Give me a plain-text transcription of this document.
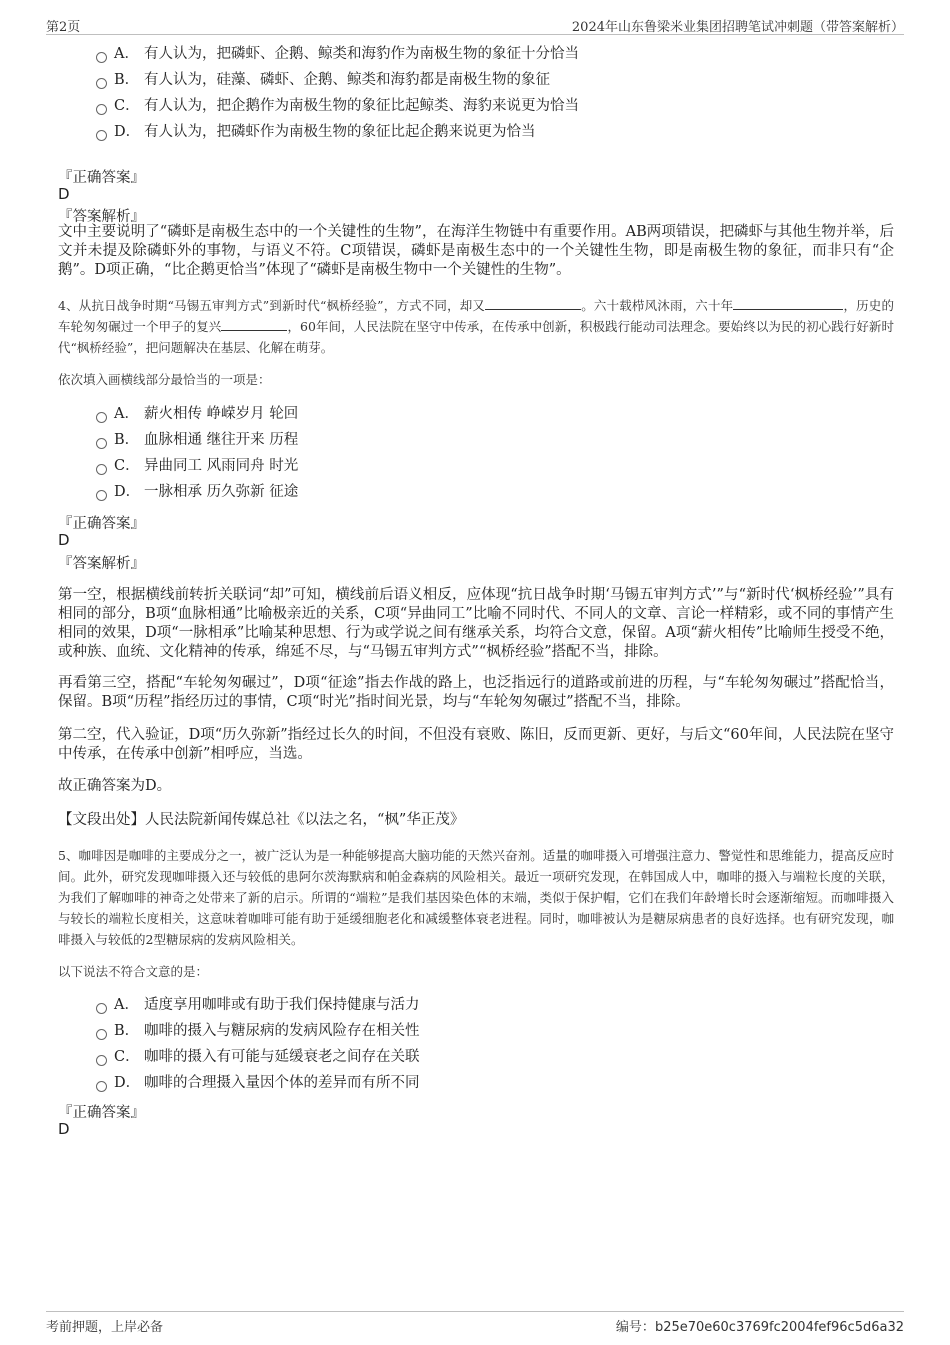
第2页	2024年山东鲁梁米业集团招聘笔试冲刺题（带答案解析）
A． 有人认为，把磷虾、企鹅、鲸类和海豹作为南极生物的象征十分恰当
B． 有人认为，硅藻、磷虾、企鹅、鲸类和海豹都是南极生物的象征
C． 有人认为，把企鹅作为南极生物的象征比起鲸类、海豹来说更为恰当
D． 有人认为，把磷虾作为南极生物的象征比起企鹅来说更为恰当
『正确答案』
D
『答案解析』

文中主要说明了“磷虾是南极生态中的一个关键性的生物”，在海洋生物链中有重要作用。AB两项错误，把磷虾与其他生物并举，后文并未提及除磷虾外的事物，与语义不符。C项错误，磷虾是南极生态中的一个关键性生物，即是南极生物的象征，而非只有“企鹅”。D项正确，“比企鹅更恰当”体现了“磷虾是南极生物中一个关键性的生物”。

4、从抗日战争时期“马锡五审判方式”到新时代“枫桥经验”，方式不同，却又	。六十载栉风沐雨，六十年	，历史的车轮匆匆碾过一个甲子的复兴	，60年间，人民法院在坚守中传承，在传承中创新，积极践行能动司法理念。要始终以为民的初心践行好新时代“枫桥经验”，把问题解决在基层、化解在萌芽。

依次填入画横线部分最恰当的一项是：
A． 薪火相传 峥嵘岁月 轮回
B． 血脉相通 继往开来 历程
C． 异曲同工 风雨同舟 时光
D． 一脉相承 历久弥新 征途
『正确答案』
D
『答案解析』

第一空，根据横线前转折关联词“却”可知，横线前后语义相反，应体现“抗日战争时期‘马锡五审判方式’”与“新时代‘枫桥经验’”具有相同的部分，B项“血脉相通”比喻极亲近的关系，C项“异曲同工”比喻不同时代、不同人的文章、言论一样精彩，或不同的事情产生相同的效果，D项“一脉相承”比喻某种思想、行为或学说之间有继承关系，均符合文意，保留。A项“薪火相传”比喻师生授受不绝，或种族、血统、文化精神的传承，绵延不尽，与“马锡五审判方式”“枫桥经验”搭配不当，排除。

再看第三空，搭配“车轮匆匆碾过”，D项“征途”指去作战的路上，也泛指远行的道路或前进的历程，与“车轮匆匆碾过”搭配恰当，保留。B项“历程”指经历过的事情，C项“时光”指时间光景，均与“车轮匆匆碾过”搭配不当，排除。

第二空，代入验证，D项“历久弥新”指经过长久的时间，不但没有衰败、陈旧，反而更新、更好，与后文“60年间，人民法院在坚守中传承，在传承中创新”相呼应，当选。

故正确答案为D。

【文段出处】人民法院新闻传媒总社《以法之名，“枫”华正茂》

5、咖啡因是咖啡的主要成分之一，被广泛认为是一种能够提高大脑功能的天然兴奋剂。适量的咖啡摄入可增强注意力、警觉性和思维能力，提高反应时间。此外，研究发现咖啡摄入还与较低的患阿尔茨海默病和帕金森病的风险相关。最近一项研究发现，在韩国成人中，咖啡的摄入与端粒长度的关联，为我们了解咖啡的神奇之处带来了新的启示。所谓的“端粒”是我们基因染色体的末端，类似于保护帽，它们在我们年龄增长时会逐渐缩短。而咖啡摄入与较长的端粒长度相关，这意味着咖啡可能有助于延缓细胞老化和减缓整体衰老进程。同时，咖啡被认为是糖尿病患者的良好选择。也有研究发现，咖啡摄入与较低的2型糖尿病的发病风险相关。

以下说法不符合文意的是：
A． 适度享用咖啡或有助于我们保持健康与活力
B． 咖啡的摄入与糖尿病的发病风险存在相关性
C． 咖啡的摄入有可能与延缓衰老之间存在关联
D． 咖啡的合理摄入量因个体的差异而有所不同
『正确答案』
D
考前押题，上岸必备	编号：b25e70e60c3769fc2004fef96c5d6a32
